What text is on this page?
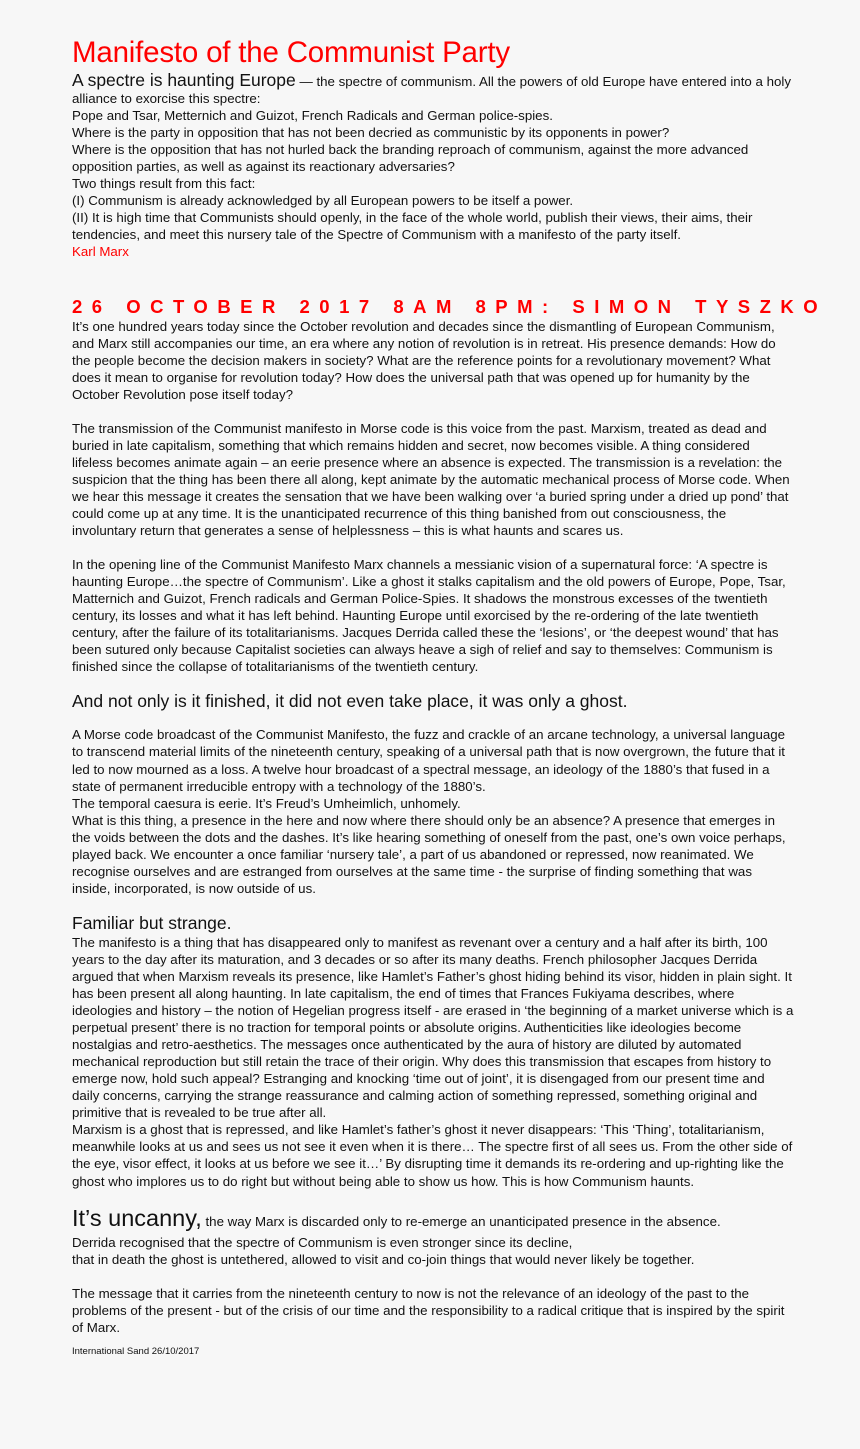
Manifesto of the Communist Party

A spectre is haunting Europe — the spectre of communism. All the powers of old Europe have entered into a holy alliance to exorcise this spectre:

Pope and Tsar, Metternich and Guizot, French Radicals and German police-spies.

Where is the party in opposition that has not been decried as communistic by its opponents in power?

Where is the opposition that has not hurled back the branding reproach of communism, against the more advanced opposition parties, as well as against its reactionary adversaries?

Two things result from this fact:

(I) Communism is already acknowledged by all European powers to be itself a power.

(II) It is high time that Communists should openly, in the face of the whole world, publish their views, their aims, their tendencies, and meet this nursery tale of the Spectre of Communism with a manifesto of the party itself.

Karl Marx

26 OCTOBER 2017 8AM 8PM: SIMON TYSZKO

It’s one hundred years today since the October revolution and decades since the dismantling of European Communism, and Marx still accompanies our time, an era where any notion of revolution is in retreat. His presence demands: How do the people become the decision makers in society? What are the reference points for a revolutionary movement? What does it mean to organise for revolution today? How does the universal path that was opened up for humanity by the October Revolution pose itself today?

The transmission of the Communist manifesto in Morse code is this voice from the past. Marxism, treated as dead and buried in late capitalism, something that which remains hidden and secret, now becomes visible. A thing considered lifeless becomes animate again – an eerie presence where an absence is expected. The transmission is a revelation: the suspicion that the thing has been there all along, kept animate by the automatic mechanical process of Morse code. When we hear this message it creates the sensation that we have been walking over ‘a buried spring under a dried up pond’ that could come up at any time. It is the unanticipated recurrence of this thing banished from out consciousness, the involuntary return that generates a sense of helplessness – this is what haunts and scares us.

In the opening line of the Communist Manifesto Marx channels a messianic vision of a supernatural force: ‘A spectre is haunting Europe…the spectre of Communism’. Like a ghost it stalks capitalism and the old powers of Europe, Pope, Tsar, Matternich and Guizot, French radicals and German Police-Spies. It shadows the monstrous excesses of the twentieth century, its losses and what it has left behind. Haunting Europe until exorcised by the re-ordering of the late twentieth century, after the failure of its totalitarianisms. Jacques Derrida called these the ‘lesions’, or ‘the deepest wound’ that has been sutured only because Capitalist societies can always heave a sigh of relief and say to themselves: Communism is finished since the collapse of totalitarianisms of the twentieth century.

And not only is it finished, it did not even take place, it was only a ghost.

A Morse code broadcast of the Communist Manifesto, the fuzz and crackle of an arcane technology, a universal language to transcend material limits of the nineteenth century, speaking of a universal path that is now overgrown, the future that it led to now mourned as a loss. A twelve hour broadcast of a spectral message, an ideology of the 1880’s that fused in a state of permanent irreducible entropy with a technology of the 1880’s.

The temporal caesura is eerie. It’s Freud’s Umheimlich, unhomely.

What is this thing, a presence in the here and now where there should only be an absence? A presence that emerges in the voids between the dots and the dashes. It’s like hearing something of oneself from the past, one’s own voice perhaps, played back. We encounter a once familiar ‘nursery tale’, a part of us abandoned or repressed, now reanimated. We recognise ourselves and are estranged from ourselves at the same time - the surprise of finding something that was inside, incorporated, is now outside of us.

Familiar but strange.

The manifesto is a thing that has disappeared only to manifest as revenant over a century and a half after its birth, 100 years to the day after its maturation, and 3 decades or so after its many deaths. French philosopher Jacques Derrida argued that when Marxism reveals its presence, like Hamlet’s Father’s ghost hiding behind its visor, hidden in plain sight. It has been present all along haunting. In late capitalism, the end of times that Frances Fukiyama describes, where ideologies and history – the notion of Hegelian progress itself - are erased in ‘the beginning of a market universe which is a perpetual present’ there is no traction for temporal points or absolute origins. Authenticities like ideologies become nostalgias and retro-aesthetics. The messages once authenticated by the aura of history are diluted by automated mechanical reproduction but still retain the trace of their origin. Why does this transmission that escapes from history to emerge now, hold such appeal? Estranging and knocking ‘time out of joint’, it is disengaged from our present time and daily concerns, carrying the strange reassurance and calming action of something repressed, something original and primitive that is revealed to be true after all.

Marxism is a ghost that is repressed, and like Hamlet’s father’s ghost it never disappears: ‘This ‘Thing’, totalitarianism, meanwhile looks at us and sees us not see it even when it is there… The spectre first of all sees us. From the other side of the eye, visor effect, it looks at us before we see it…’ By disrupting time it demands its re-ordering and up-righting like the ghost who implores us to do right but without being able to show us how. This is how Communism haunts.

It’s uncanny, the way Marx is discarded only to re-emerge an unanticipated presence in the absence.

Derrida recognised that the spectre of Communism is even stronger since its decline,

that in death the ghost is untethered, allowed to visit and co-join things that would never likely be together.

The message that it carries from the nineteenth century to now is not the relevance of an ideology of the past to the problems of the present - but of the crisis of our time and the responsibility to a radical critique that is inspired by the spirit of Marx.

International Sand 26/10/2017
